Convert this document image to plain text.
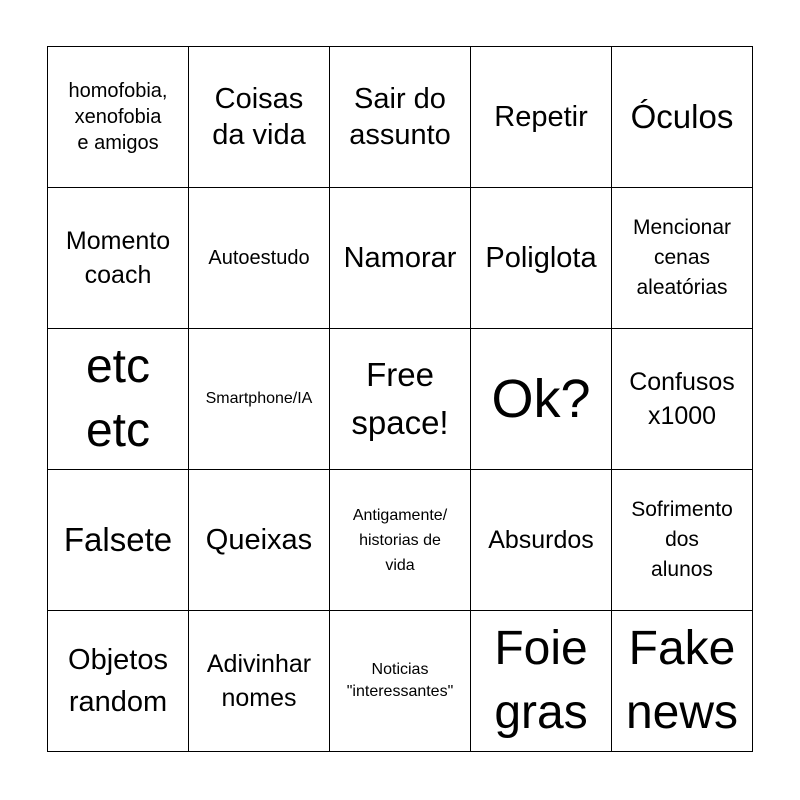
homofobia,
xenofobia
e amigos
Coisas
da vida
Sair do
assunto
Repetir Óculos
Momento
coach
Autoestudo Namorar Poliglota
Mencionar
cenas
aleatórias
etc
etc
Smartphone/IA
Free
space! Ok? Confusos
x1000
Falsete Queixas
Antigamente/
historias de
vida
Absurdos
Sofrimento
dos
alunos
Objetos
random
Adivinhar
nomes
Noticias
"interessantes"
Foie
gras
Fake
news
